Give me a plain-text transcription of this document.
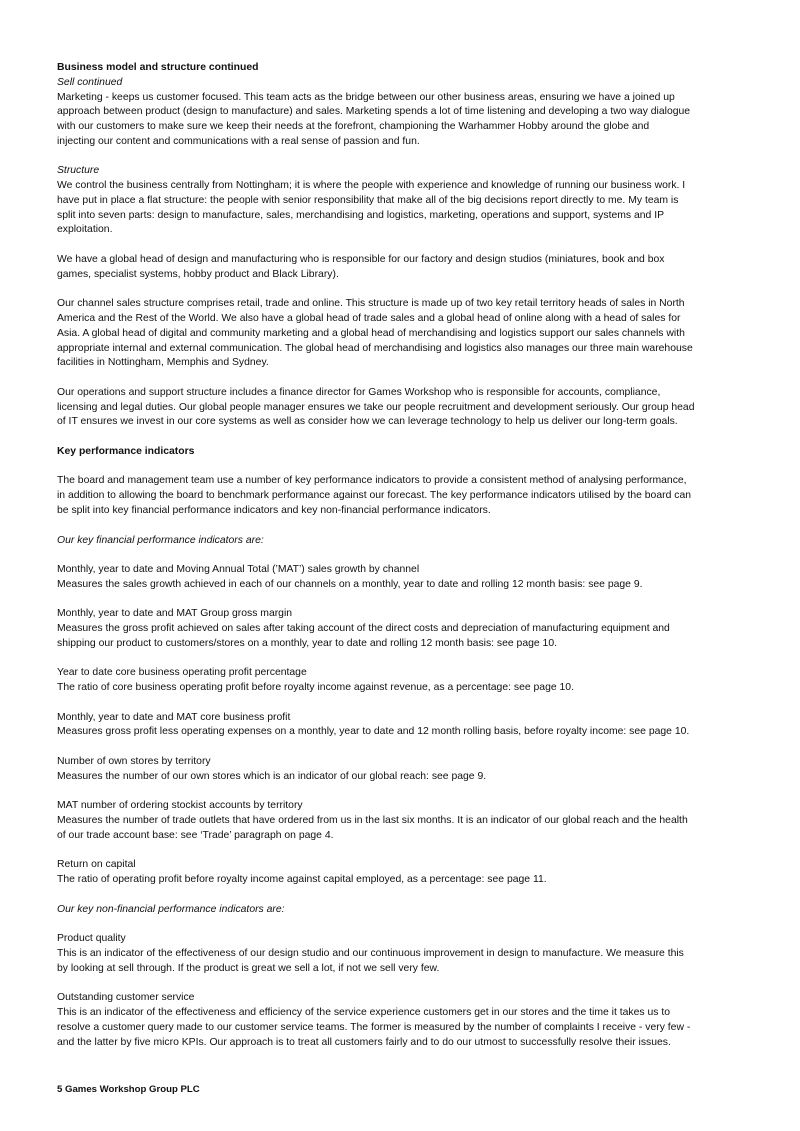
Business model and structure continued
Sell continued
Marketing - keeps us customer focused. This team acts as the bridge between our other business areas, ensuring we have a joined up
approach between product (design to manufacture) and sales. Marketing spends a lot of time listening and developing a two way dialogue
with our customers to make sure we keep their needs at the forefront, championing the Warhammer Hobby around the globe and
injecting our content and communications with a real sense of passion and fun.
Structure
We control the business centrally from Nottingham; it is where the people with experience and knowledge of running our business work. I
have put in place a flat structure: the people with senior responsibility that make all of the big decisions report directly to me. My team is
split into seven parts: design to manufacture, sales, merchandising and logistics, marketing, operations and support, systems and IP
exploitation.
We have a global head of design and manufacturing who is responsible for our factory and design studios (miniatures, book and box
games, specialist systems, hobby product and Black Library).
Our channel sales structure comprises retail, trade and online. This structure is made up of two key retail territory heads of sales in North
America and the Rest of the World. We also have a global head of trade sales and a global head of online along with a head of sales for
Asia. A global head of digital and community marketing and a global head of merchandising and logistics support our sales channels with
appropriate internal and external communication. The global head of merchandising and logistics also manages our three main warehouse
facilities in Nottingham, Memphis and Sydney.
Our operations and support structure includes a finance director for Games Workshop who is responsible for accounts, compliance,
licensing and legal duties. Our global people manager ensures we take our people recruitment and development seriously. Our group head
of IT ensures we invest in our core systems as well as consider how we can leverage technology to help us deliver our long-term goals.
Key performance indicators
The board and management team use a number of key performance indicators to provide a consistent method of analysing performance,
in addition to allowing the board to benchmark performance against our forecast. The key performance indicators utilised by the board can
be split into key financial performance indicators and key non-financial performance indicators.
Our key financial performance indicators are:
Monthly, year to date and Moving Annual Total (’MAT’) sales growth by channel
Measures the sales growth achieved in each of our channels on a monthly, year to date and rolling 12 month basis: see page 9.
Monthly, year to date and MAT Group gross margin
Measures the gross profit achieved on sales after taking account of the direct costs and depreciation of manufacturing equipment and
shipping our product to customers/stores on a monthly, year to date and rolling 12 month basis: see page 10.
Year to date core business operating profit percentage
The ratio of core business operating profit before royalty income against revenue, as a percentage: see page 10.
Monthly, year to date and MAT core business profit
Measures gross profit less operating expenses on a monthly, year to date and 12 month rolling basis, before royalty income: see page 10.
Number of own stores by territory
Measures the number of our own stores which is an indicator of our global reach: see page 9.
MAT number of ordering stockist accounts by territory
Measures the number of trade outlets that have ordered from us in the last six months. It is an indicator of our global reach and the health
of our trade account base: see ‘Trade’ paragraph on page 4.
Return on capital
The ratio of operating profit before royalty income against capital employed, as a percentage: see page 11.
Our key non-financial performance indicators are:
Product quality
This is an indicator of the effectiveness of our design studio and our continuous improvement in design to manufacture. We measure this
by looking at sell through. If the product is great we sell a lot, if not we sell very few.
Outstanding customer service
This is an indicator of the effectiveness and efficiency of the service experience customers get in our stores and the time it takes us to
resolve a customer query made to our customer service teams. The former is measured by the number of complaints I receive - very few -
and the latter by five micro KPIs. Our approach is to treat all customers fairly and to do our utmost to successfully resolve their issues.
5 Games Workshop Group PLC
